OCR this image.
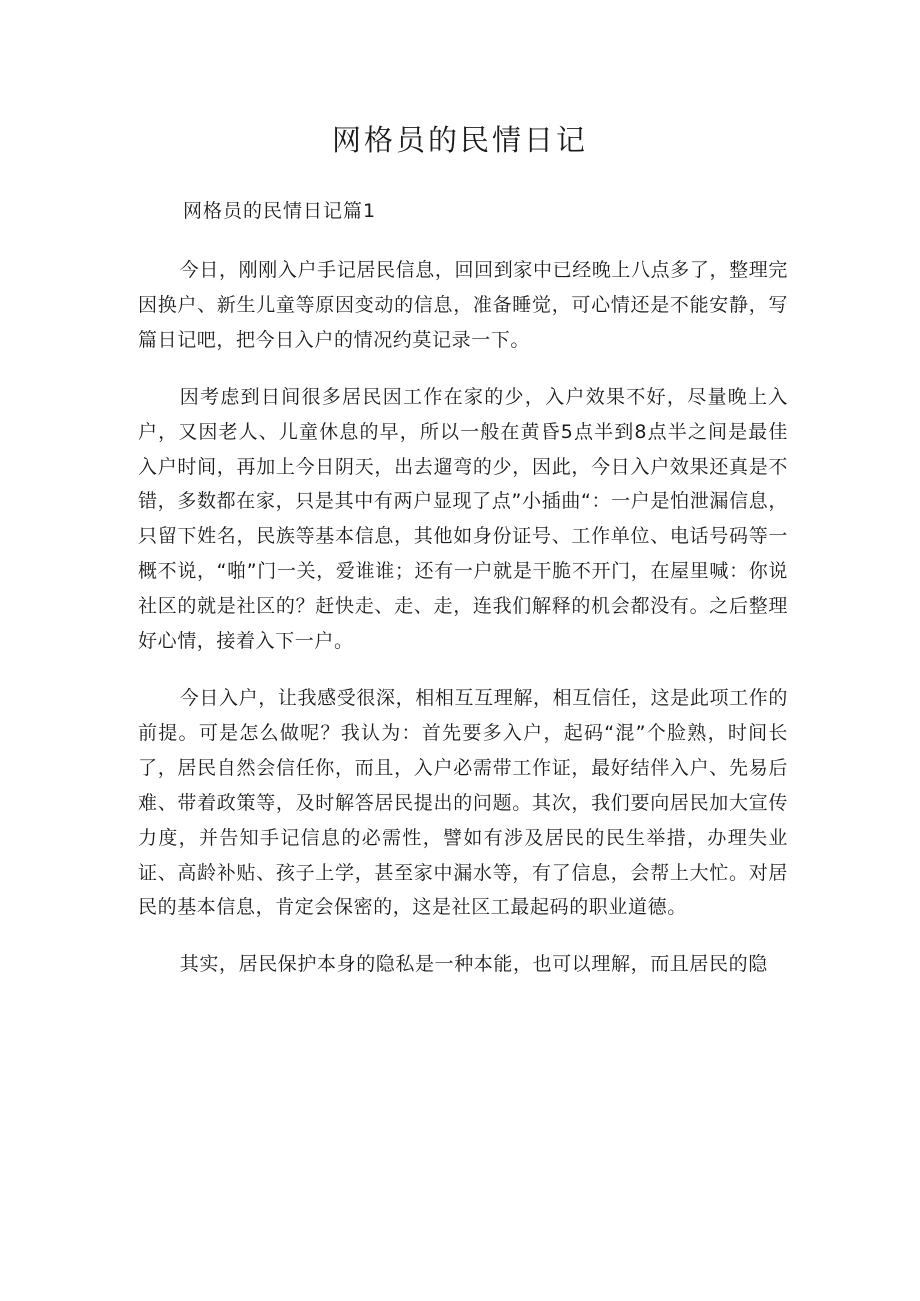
网格员的民情日记

网格员的民情日记篇1

今日，刚刚入户手记居民信息，回回到家中已经晚上八点多了，整理完因换户、新生儿童等原因变动的信息，准备睡觉，可心情还是不能安静，写篇日记吧，把今日入户的情况约莫记录一下。

因考虑到日间很多居民因工作在家的少，入户效果不好，尽量晚上入户，又因老人、儿童休息的早，所以一般在黄昏5点半到8点半之间是最佳入户时间，再加上今日阴天，出去遛弯的少，因此，今日入户效果还真是不错，多数都在家，只是其中有两户显现了点”小插曲“：一户是怕泄漏信息，只留下姓名，民族等基本信息，其他如身份证号、工作单位、电话号码等一概不说，“啪”门一关，爱谁谁；还有一户就是干脆不开门，在屋里喊：你说社区的就是社区的？赶快走、走、走，连我们解释的机会都没有。之后整理好心情，接着入下一户。

今日入户，让我感受很深，相相互互理解，相互信任，这是此项工作的前提。可是怎么做呢？我认为：首先要多入户，起码“混”个脸熟，时间长了，居民自然会信任你，而且，入户必需带工作证，最好结伴入户、先易后难、带着政策等，及时解答居民提出的问题。其次，我们要向居民加大宣传力度，并告知手记信息的必需性，譬如有涉及居民的民生举措，办理失业证、高龄补贴、孩子上学，甚至家中漏水等，有了信息，会帮上大忙。对居民的基本信息，肯定会保密的，这是社区工最起码的职业道德。

其实，居民保护本身的隐私是一种本能，也可以理解，而且居民的隐
